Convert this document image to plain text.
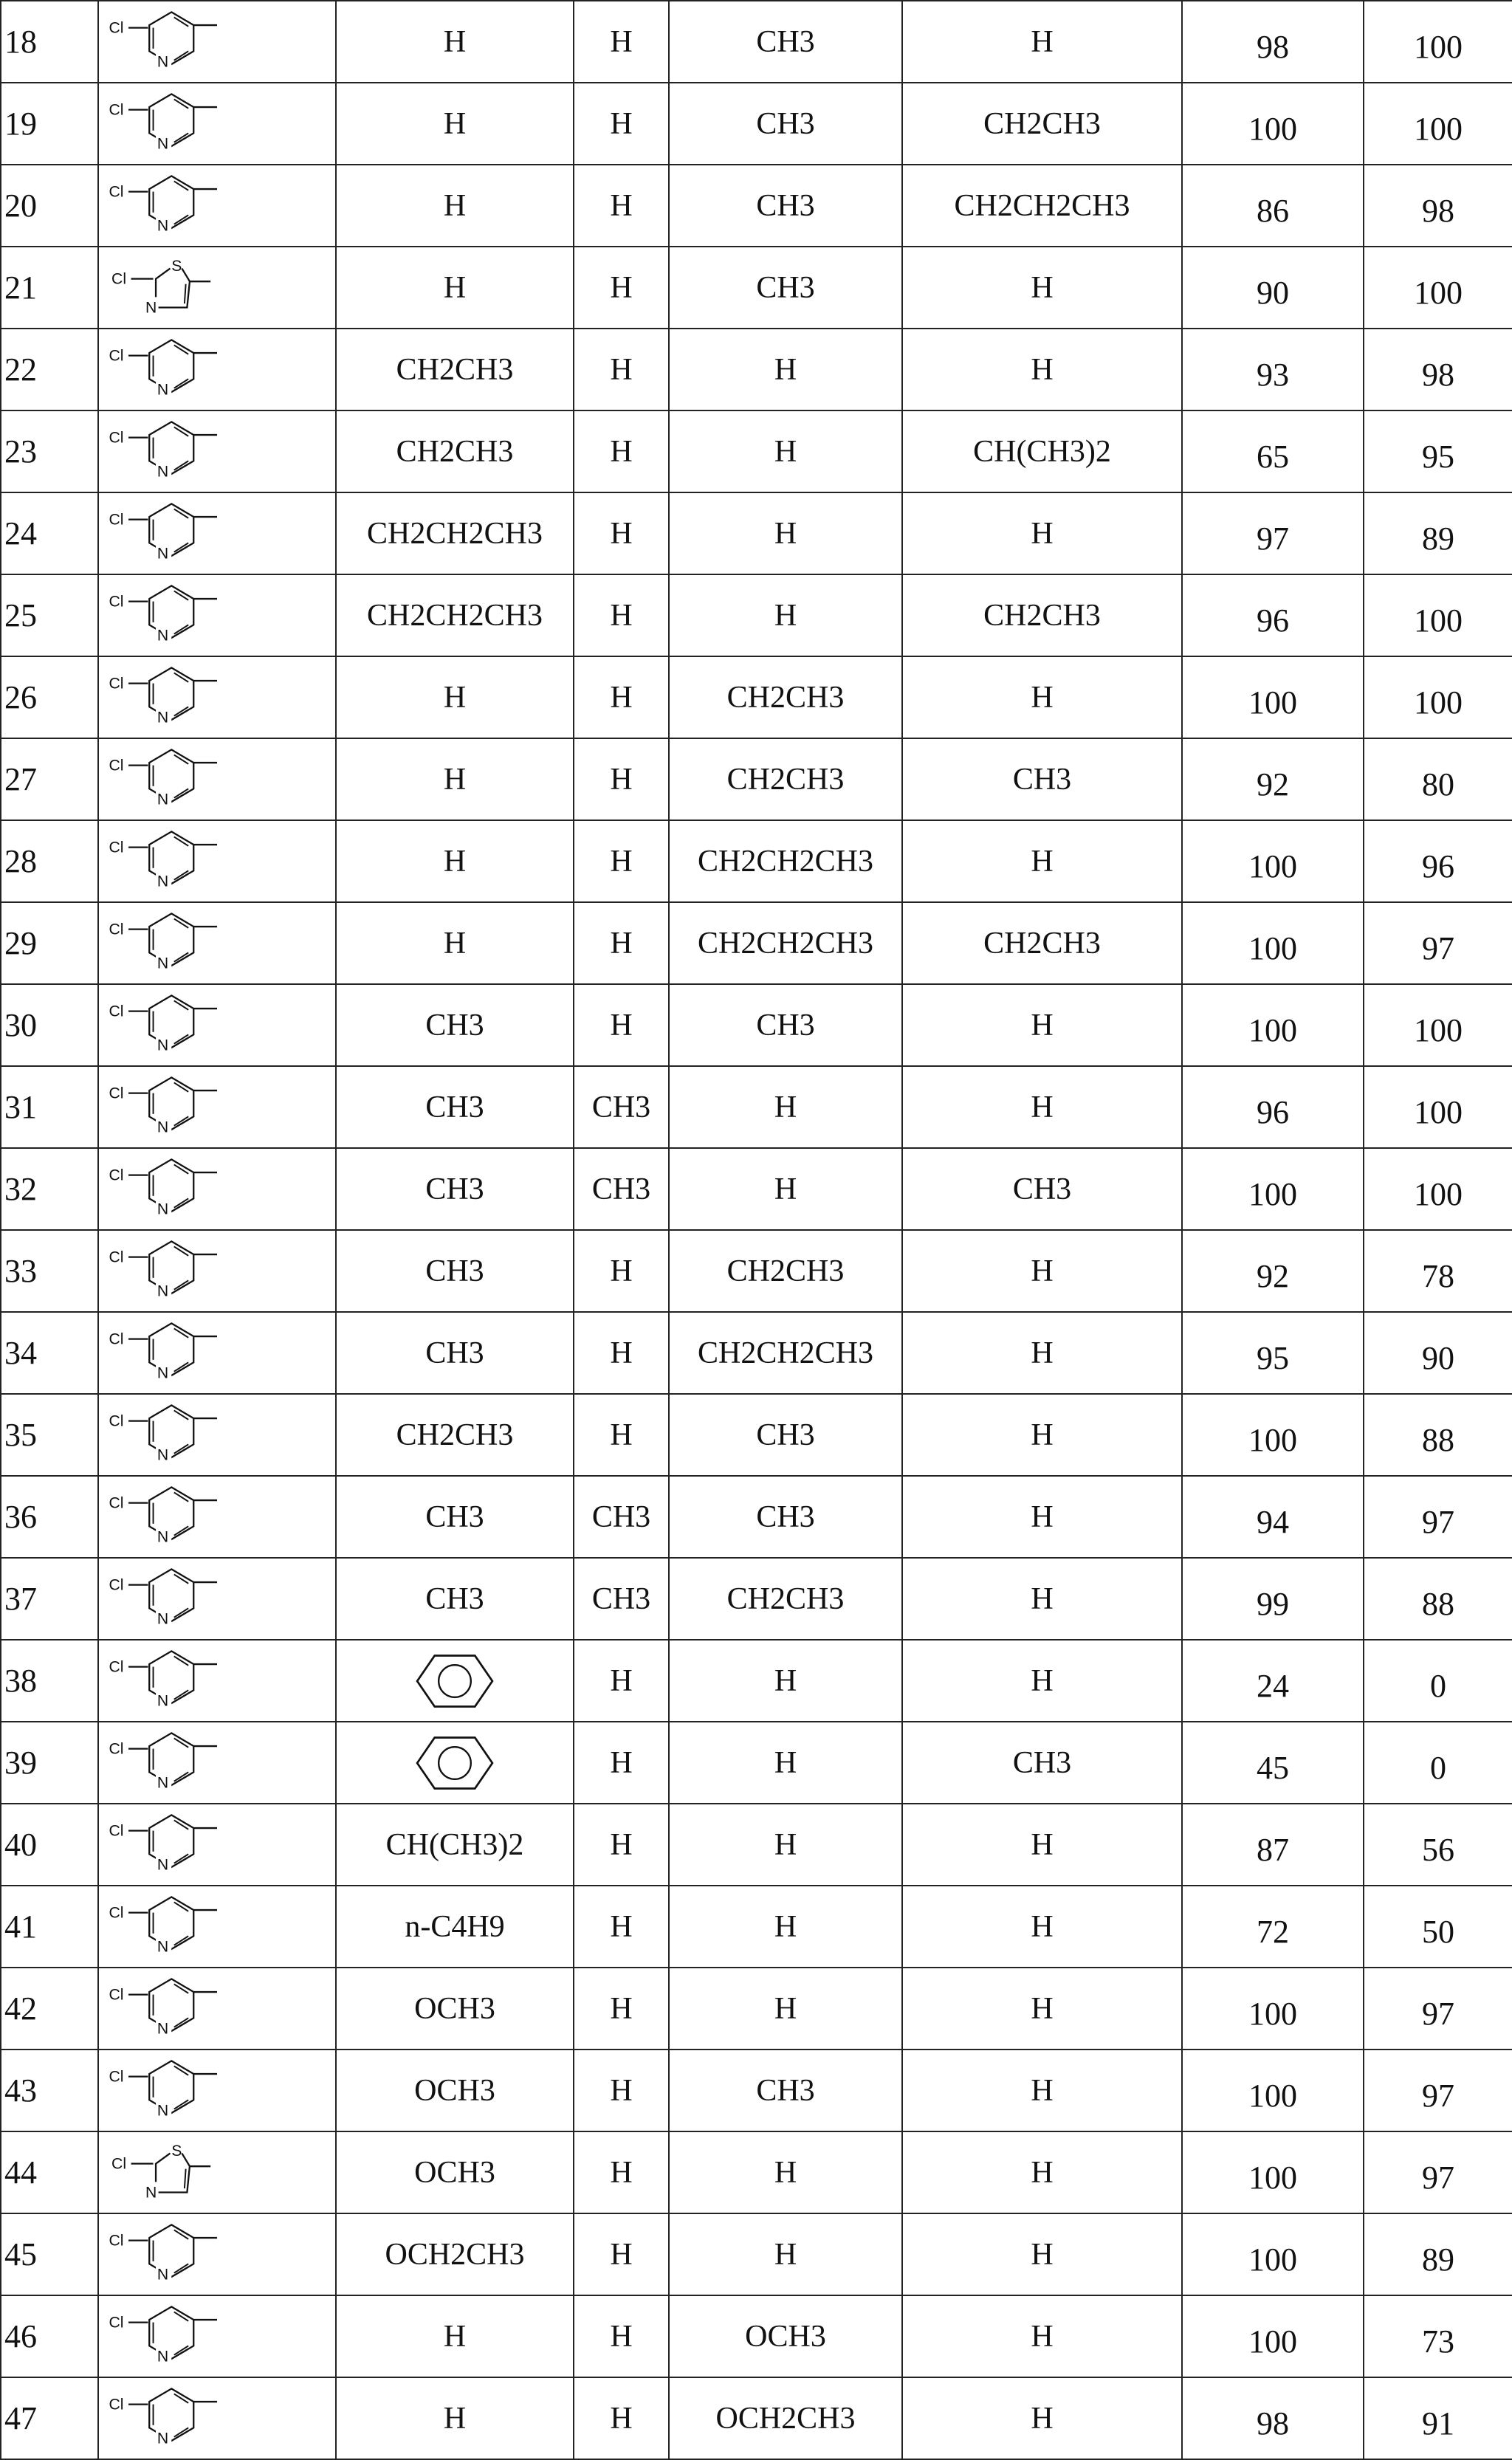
18	Cl
N
	H	H	CH3	H	98	100
19	Cl
N
	H	H	CH3	CH2CH3	100	100
20	Cl
N
	H	H	CH3	CH2CH2CH3	86	98
21	Cl
S
N
	H	H	CH3	H	90	100
22	Cl
N
	CH2CH3	H	H	H	93	98
23	Cl
N
	CH2CH3	H	H	CH(CH3)2	65	95
24	Cl
N
	CH2CH2CH3	H	H	H	97	89
25	Cl
N
	CH2CH2CH3	H	H	CH2CH3	96	100
26	Cl
N
	H	H	CH2CH3	H	100	100
27	Cl
N
	H	H	CH2CH3	CH3	92	80
28	Cl
N
	H	H	CH2CH2CH3	H	100	96
29	Cl
N
	H	H	CH2CH2CH3	CH2CH3	100	97
30	Cl
N
	CH3	H	CH3	H	100	100
31	Cl
N
	CH3	CH3	H	H	96	100
32	Cl
N
	CH3	CH3	H	CH3	100	100
33	Cl
N
	CH3	H	CH2CH3	H	92	78
34	Cl
N
	CH3	H	CH2CH2CH3	H	95	90
35	Cl
N
	CH2CH3	H	CH3	H	100	88
36	Cl
N
	CH3	CH3	CH3	H	94	97
37	Cl
N
	CH3	CH3	CH2CH3	H	99	88
38	Cl
N

	H	H	H	24	0
39	Cl
N

	H	H	CH3	45	0
40	Cl
N
	CH(CH3)2	H	H	H	87	56
41	Cl
N
	n-C4H9	H	H	H	72	50
42	Cl
N
	OCH3	H	H	H	100	97
43	Cl
N
	OCH3	H	CH3	H	100	97
44	Cl
S
N
	OCH3	H	H	H	100	97
45	Cl
N
	OCH2CH3	H	H	H	100	89
46	Cl
N
	H	H	OCH3	H	100	73
47	Cl
N
	H	H	OCH2CH3	H	98	91
